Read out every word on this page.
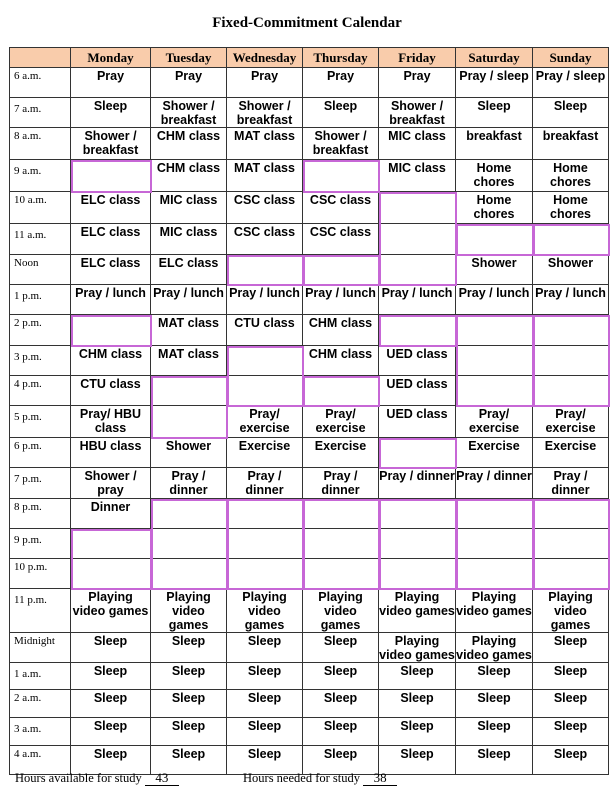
Fixed-Commitment Calendar
	Monday	Tuesday	Wednesday	Thursday	Friday	Saturday	Sunday
6 a.m.	Pray	Pray	Pray	Pray	Pray	Pray / sleep	Pray / sleep
7 a.m.	Sleep	Shower / breakfast	Shower / breakfast	Sleep	Shower / breakfast	Sleep	Sleep
8 a.m.	Shower / breakfast	CHM class	MAT class	Shower / breakfast	MIC class	breakfast	breakfast
9 a.m.		CHM class	MAT class		MIC class	Home chores	Home chores
10 a.m.	ELC class	MIC class	CSC class	CSC class		Home chores	Home chores
11 a.m.	ELC class	MIC class	CSC class	CSC class			
Noon	ELC class	ELC class				Shower	Shower
1 p.m.	Pray / lunch	Pray / lunch	Pray / lunch	Pray / lunch	Pray / lunch	Pray / lunch	Pray / lunch
2 p.m.		MAT class	CTU class	CHM class			
3 p.m.	CHM class	MAT class		CHM class	UED class		
4 p.m.	CTU class				UED class		
5 p.m.	Pray/ HBU class		Pray/ exercise	Pray/ exercise	UED class	Pray/ exercise	Pray/ exercise
6 p.m.	HBU class	Shower	Exercise	Exercise		Exercise	Exercise
7 p.m.	Shower / pray	Pray / dinner	Pray / dinner	Pray / dinner	Pray / dinner	Pray / dinner	Pray / dinner
8 p.m.	Dinner						
9 p.m.							
10 p.m.							
11 p.m.	Playing video games	Playing video games	Playing video games	Playing video games	Playing video games	Playing video games	Playing video games
Midnight	Sleep	Sleep	Sleep	Sleep	Playing video games	Playing video games	Sleep
1 a.m.	Sleep	Sleep	Sleep	Sleep	Sleep	Sleep	Sleep
2 a.m.	Sleep	Sleep	Sleep	Sleep	Sleep	Sleep	Sleep
3 a.m.	Sleep	Sleep	Sleep	Sleep	Sleep	Sleep	Sleep
4 a.m.	Sleep	Sleep	Sleep	Sleep	Sleep	Sleep	Sleep
Hours available for study 43	Hours needed for study 38
